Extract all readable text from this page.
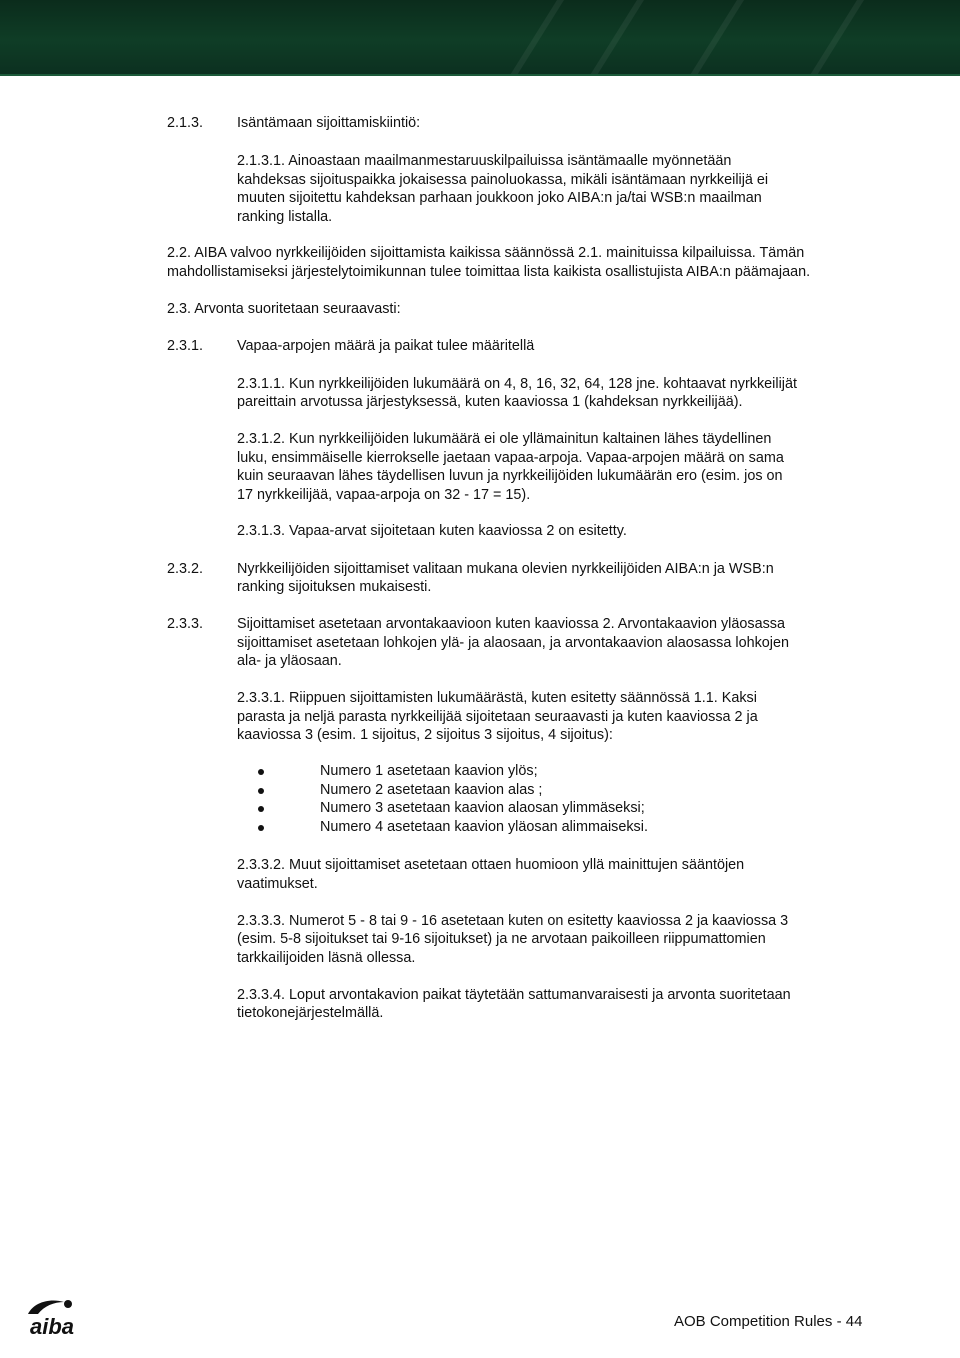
2.1.3. Isäntämaan sijoittamiskiintiö:
2.1.3.1. Ainoastaan maailmanmestaruuskilpailuissa isäntämaalle myönnetään
kahdeksas sijoituspaikka jokaisessa painoluokassa, mikäli isäntämaan nyrkkeilijä ei
muuten sijoitettu kahdeksan parhaan joukkoon joko AIBA:n ja/tai WSB:n maailman
ranking listalla.
2.2. AIBA valvoo nyrkkeilijöiden sijoittamista kaikissa säännössä 2.1. mainituissa kilpailuissa. Tämän
mahdollistamiseksi järjestelytoimikunnan tulee toimittaa lista kaikista osallistujista AIBA:n päämajaan.
2.3. Arvonta suoritetaan seuraavasti:
2.3.1. Vapaa-arpojen määrä ja paikat tulee määritellä
2.3.1.1. Kun nyrkkeilijöiden lukumäärä on 4, 8, 16, 32, 64, 128 jne. kohtaavat nyrkkeilijät
pareittain arvotussa järjestyksessä, kuten kaaviossa 1 (kahdeksan nyrkkeilijää).
2.3.1.2. Kun nyrkkeilijöiden lukumäärä ei ole yllämainitun kaltainen lähes täydellinen
luku, ensimmäiselle kierrokselle jaetaan vapaa-arpoja. Vapaa-arpojen määrä on sama
kuin seuraavan lähes täydellisen luvun ja nyrkkeilijöiden lukumäärän ero (esim. jos on
17 nyrkkeilijää, vapaa-arpoja on 32 - 17 = 15).
2.3.1.3. Vapaa-arvat sijoitetaan kuten kaaviossa 2 on esitetty.
2.3.2. Nyrkkeilijöiden sijoittamiset valitaan mukana olevien nyrkkeilijöiden AIBA:n ja WSB:n
ranking sijoituksen mukaisesti.
2.3.3. Sijoittamiset asetetaan arvontakaavioon kuten kaaviossa 2. Arvontakaavion yläosassa
sijoittamiset asetetaan lohkojen ylä- ja alaosaan, ja arvontakaavion alaosassa lohkojen
ala- ja yläosaan.
2.3.3.1. Riippuen sijoittamisten lukumäärästä, kuten esitetty säännössä 1.1. Kaksi
parasta ja neljä parasta nyrkkeilijää sijoitetaan seuraavasti ja kuten kaaviossa 2 ja
kaaviossa 3 (esim. 1 sijoitus, 2 sijoitus 3 sijoitus, 4 sijoitus):
Numero 1 asetetaan kaavion ylös;
Numero 2 asetetaan kaavion alas ;
Numero 3 asetetaan kaavion alaosan ylimmäseksi;
Numero 4 asetetaan kaavion yläosan alimmaiseksi.
2.3.3.2. Muut sijoittamiset asetetaan ottaen huomioon yllä mainittujen sääntöjen
vaatimukset.
2.3.3.3. Numerot 5 - 8 tai 9 - 16 asetetaan kuten on esitetty kaaviossa 2 ja kaaviossa 3
(esim. 5-8 sijoitukset tai 9-16 sijoitukset) ja ne arvotaan paikoilleen riippumattomien
tarkkailijoiden läsnä ollessa.
2.3.3.4. Loput arvontakavion paikat täytetään sattumanvaraisesti ja arvonta suoritetaan
tietokonejärjestelmällä.
aiba	AOB Competition Rules - 44
